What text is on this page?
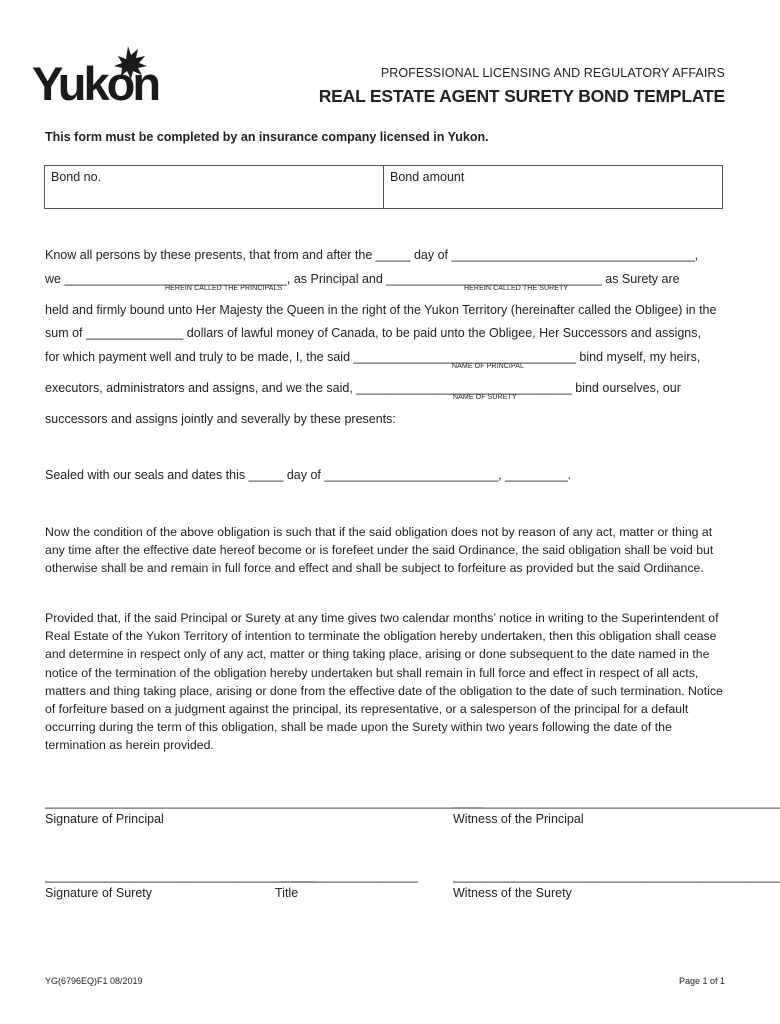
Yukon	PROFESSIONAL LICENSING AND REGULATORY AFFAIRS
REAL ESTATE AGENT SURETY BOND TEMPLATE
This form must be completed by an insurance company licensed in Yukon.
Bond no.	Bond amount
Know all persons by these presents, that from and after the _____ day of ___________________________________,
we ________________________________, as Principal and _______________________________ as Surety are
HEREIN CALLED THE PRINCIPALS	HEREIN CALLED THE SURETY
held and firmly bound unto Her Majesty the Queen in the right of the Yukon Territory (hereinafter called the Obligee) in the
sum of ______________ dollars of lawful money of Canada, to be paid unto the Obligee, Her Successors and assigns,
for which payment well and truly to be made, I, the said ________________________________ bind myself, my heirs,
NAME OF PRINCIPAL
executors, administrators and assigns, and we the said, _______________________________ bind ourselves, our
NAME OF SURETY
successors and assigns jointly and severally by these presents:
Sealed with our seals and dates this _____ day of _________________________, _________.
Now the condition of the above obligation is such that if the said obligation does not by reason of any act, matter or thing at any time after the effective date hereof become or is forefeet under the said Ordinance, the said obligation shall be void but otherwise shall be and remain in full force and effect and shall be subject to forfeiture as provided but the said Ordinance.
Provided that, if the said Principal or Surety at any time gives two calendar months’ notice in writing to the Superintendent of Real Estate of the Yukon Territory of intention to terminate the obligation hereby undertaken, then this obligation shall cease and determine in respect only of any act, matter or thing taking place, arising or done subsequent to the date named in the notice of the termination of the obligation hereby undertaken but shall remain in full force and effect in respect of all acts, matters and thing taking place, arising or done from the effective date of the obligation to the date of such termination. Notice of forfeiture based on a judgment against the principal, its representative, or a salesperson of the principal for a default occurring during the term of this obligation, shall be made upon the Surety within two years following the date of the termination as herein provided.
_______________________________________________________________
_______________________________________________
Signature of Principal	Witness of the Principal
_______________________________________
____________________	_______________________________________________
Signature of Surety	Title	Witness of the Surety
YG(6796EQ)F1 08/2019	Page 1 of 1
